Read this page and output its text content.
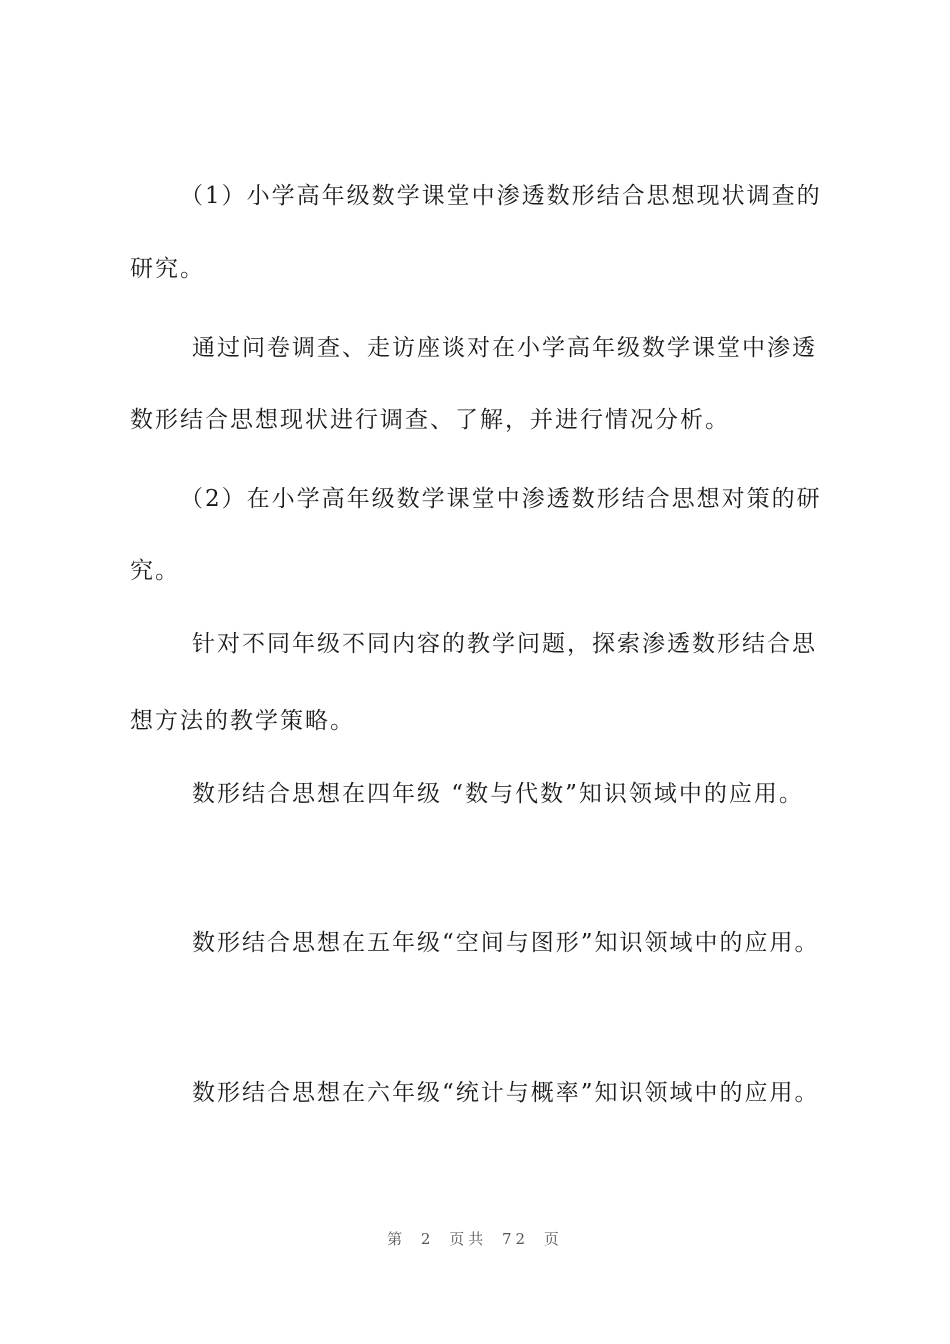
（1）小学高年级数学课堂中渗透数形结合思想现状调查的
研究。
通过问卷调查、走访座谈对在小学高年级数学课堂中渗透
数形结合思想现状进行调查、了解，并进行情况分析。
（2）在小学高年级数学课堂中渗透数形结合思想对策的研
究。
针对不同年级不同内容的教学问题，探索渗透数形结合思
想方法的教学策略。
数形结合思想在四年级 “数与代数”知识领域中的应用。
数形结合思想在五年级“空间与图形”知识领域中的应用。
数形结合思想在六年级“统计与概率”知识领域中的应用。
第 2 页共 72 页
